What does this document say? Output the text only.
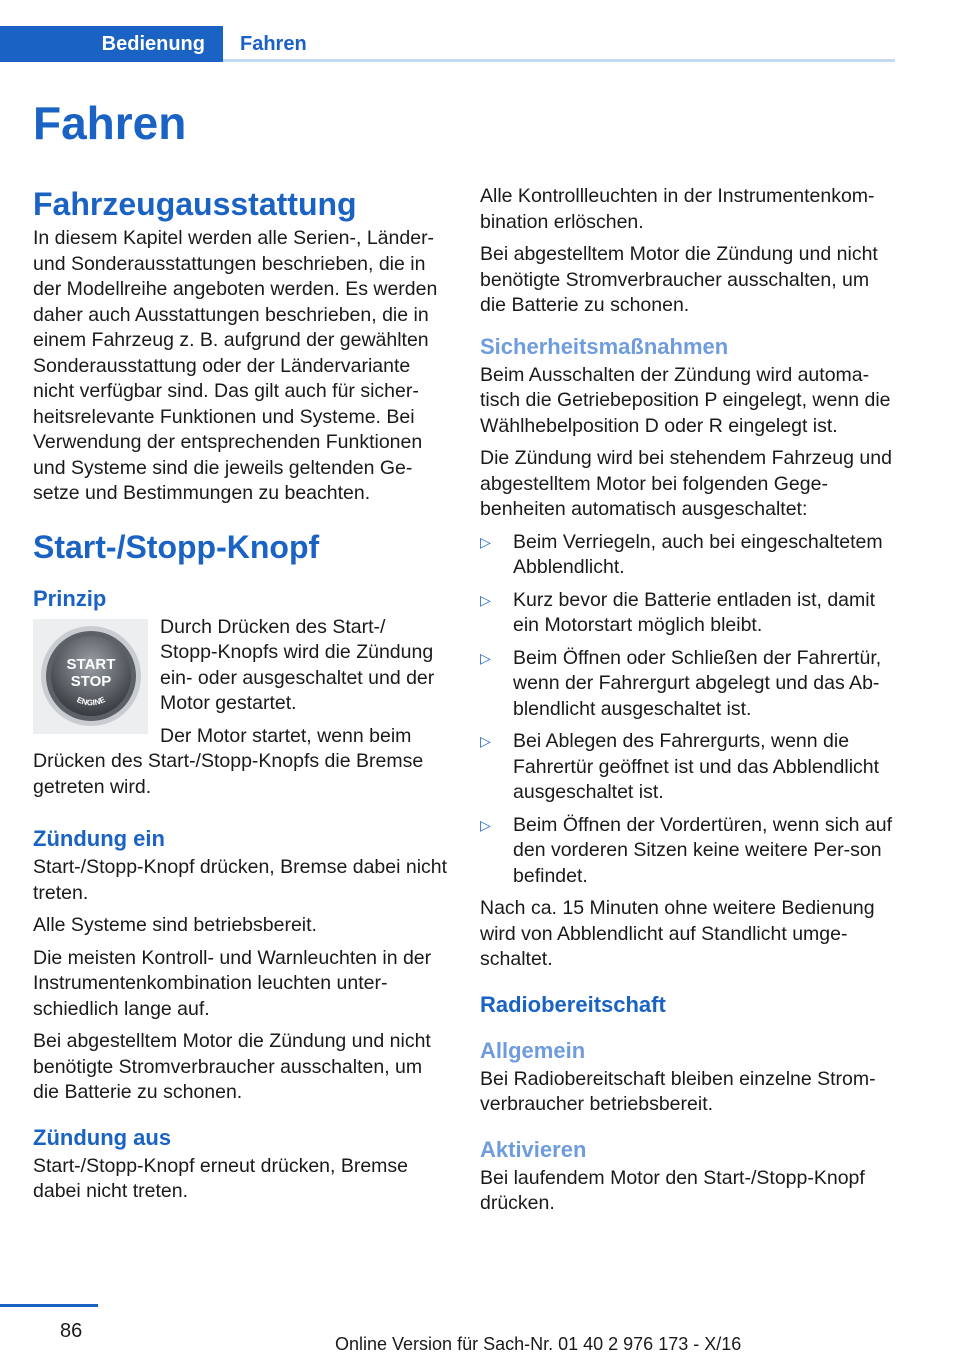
Bedienung	Fahren
Fahren
Fahrzeugausstattung

In diesem Kapitel werden alle Serien-, Länder- und Sonderausstattungen beschrieben, die in der Modellreihe angeboten werden. Es werden daher auch Ausstattungen beschrieben, die in einem Fahrzeug z. B. aufgrund der gewählten Sonderausstattung oder der Ländervariante nicht verfügbar sind. Das gilt auch für sicher-heitsrelevante Funktionen und Systeme. Bei Verwendung der entsprechenden Funktionen und Systeme sind die jeweils geltenden Ge-setze und Bestimmungen zu beachten.

Start-/Stopp-Knopf
Prinzip
START
STOP
ENGINE

Durch Drücken des Start-/ Stopp-Knopfs wird die Zündung ein- oder ausgeschaltet und der Motor gestartet.

Der Motor startet, wenn beim Drücken des Start-/Stopp-Knopfs die Bremse getreten wird.

Zündung ein

Start-/Stopp-Knopf drücken, Bremse dabei nicht treten.

Alle Systeme sind betriebsbereit.

Die meisten Kontroll- und Warnleuchten in der Instrumentenkombination leuchten unter-schiedlich lange auf.

Bei abgestelltem Motor die Zündung und nicht benötigte Stromverbraucher ausschalten, um die Batterie zu schonen.

Zündung aus

Start-/Stopp-Knopf erneut drücken, Bremse dabei nicht treten.

Alle Kontrollleuchten in der Instrumentenkom-bination erlöschen.

Bei abgestelltem Motor die Zündung und nicht benötigte Stromverbraucher ausschalten, um die Batterie zu schonen.

Sicherheitsmaßnahmen

Beim Ausschalten der Zündung wird automa-tisch die Getriebeposition P eingelegt, wenn die Wählhebelposition D oder R eingelegt ist.

Die Zündung wird bei stehendem Fahrzeug und abgestelltem Motor bei folgenden Gege-benheiten automatisch ausgeschaltet:

▷ Beim Verriegeln, auch bei eingeschaltetem Abblendlicht.
▷ Kurz bevor die Batterie entladen ist, damit ein Motorstart möglich bleibt.
▷ Beim Öffnen oder Schließen der Fahrertür, wenn der Fahrergurt abgelegt und das Ab-blendlicht ausgeschaltet ist.
▷ Bei Ablegen des Fahrergurts, wenn die Fahrertür geöffnet ist und das Abblendlicht ausgeschaltet ist.
▷ Beim Öffnen der Vordertüren, wenn sich auf den vorderen Sitzen keine weitere Per-son befindet.

Nach ca. 15 Minuten ohne weitere Bedienung wird von Abblendlicht auf Standlicht umge-schaltet.

Radiobereitschaft
Allgemein

Bei Radiobereitschaft bleiben einzelne Strom-verbraucher betriebsbereit.

Aktivieren

Bei laufendem Motor den Start-/Stopp-Knopf drücken.

86
Online Version für Sach-Nr. 01 40 2 976 173 - X/16
